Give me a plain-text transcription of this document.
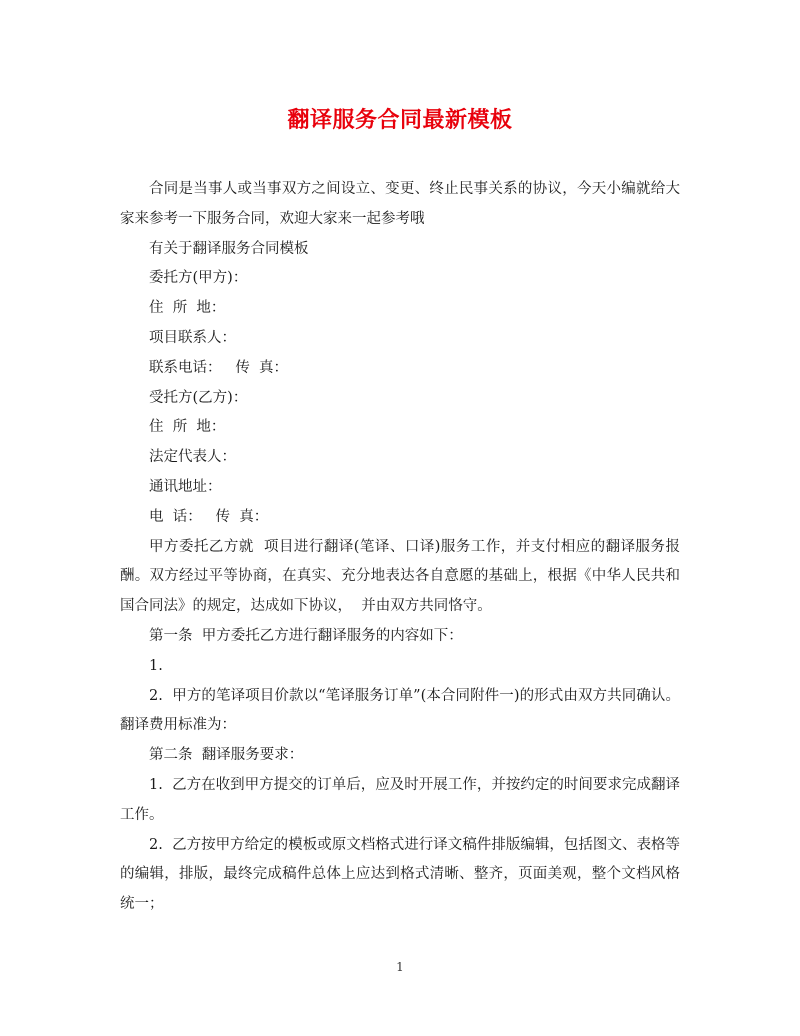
翻译服务合同最新模板

合同是当事人或当事双方之间设立、变更、终止民事关系的协议，今天小编就给大家来参考一下服务合同，欢迎大家来一起参考哦

有关于翻译服务合同模板

委托方(甲方)：

住  所  地：

项目联系人：

联系电话：   传  真：

受托方(乙方)：

住  所  地：

法定代表人：

通讯地址：

电  话：   传  真：

甲方委托乙方就  项目进行翻译(笔译、口译)服务工作，并支付相应的翻译服务报酬。双方经过平等协商，在真实、充分地表达各自意愿的基础上，根据《中华人民共和国合同法》的规定，达成如下协议，  并由双方共同恪守。

第一条  甲方委托乙方进行翻译服务的内容如下：

1.

2.  甲方的笔译项目价款以“笔译服务订单”(本合同附件一)的形式由双方共同确认。翻译费用标准为：

第二条  翻译服务要求：

1.  乙方在收到甲方提交的订单后，应及时开展工作，并按约定的时间要求完成翻译工作。

2.  乙方按甲方给定的模板或原文档格式进行译文稿件排版编辑，包括图文、表格等的编辑，排版，最终完成稿件总体上应达到格式清晰、整齐，页面美观，整个文档风格统一；

1
